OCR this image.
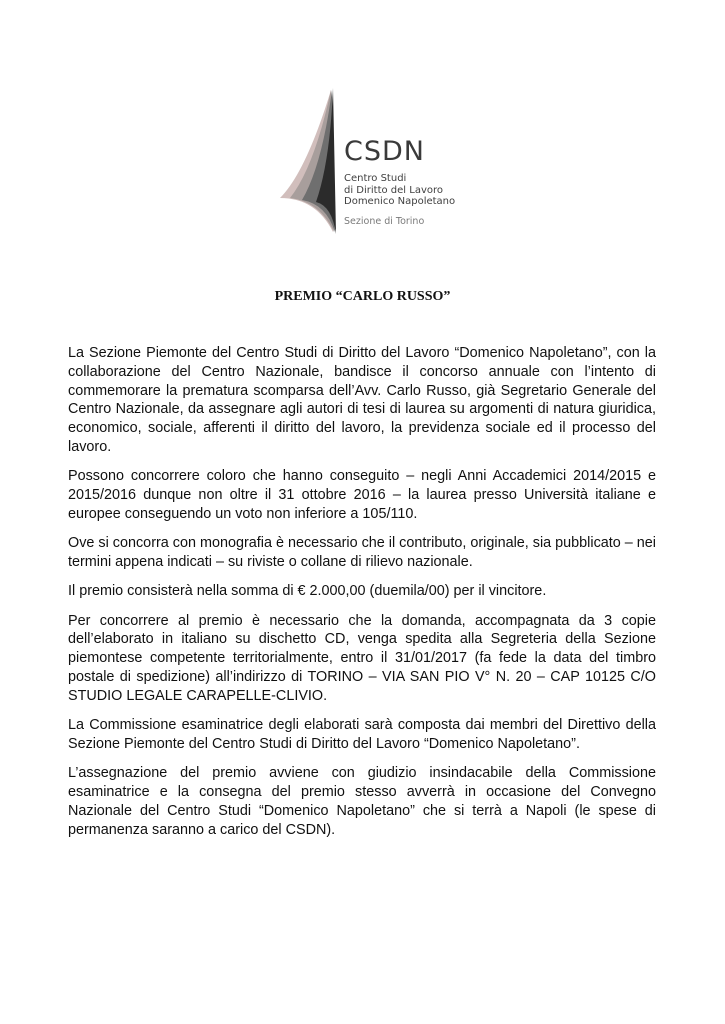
CSDN
Centro Studi
di Diritto del Lavoro
Domenico Napoletano
Sezione di Torino
PREMIO “CARLO RUSSO”

La Sezione Piemonte del Centro Studi di Diritto del Lavoro “Domenico Napoletano”, con la collaborazione del Centro Nazionale, bandisce il concorso annuale con l’intento di commemorare la prematura scomparsa dell’Avv. Carlo Russo, già Segretario Generale del Centro Nazionale, da assegnare agli autori di tesi di laurea su argomenti di natura giuridica, economico, sociale, afferenti il diritto del lavoro, la previdenza sociale ed il processo del lavoro.

Possono concorrere coloro che hanno conseguito – negli Anni Accademici 2014/2015 e 2015/2016 dunque non oltre il 31 ottobre 2016 – la laurea presso Università italiane e europee conseguendo un voto non inferiore a 105/110.

Ove si concorra con monografia è necessario che il contributo, originale, sia pubblicato – nei termini appena indicati – su riviste o collane di rilievo nazionale.

Il premio consisterà nella somma di € 2.000,00 (duemila/00) per il vincitore.

Per concorrere al premio è necessario che la domanda, accompagnata da 3 copie dell’elaborato in italiano su dischetto CD, venga spedita alla Segreteria della Sezione piemontese competente territorialmente, entro il 31/01/2017 (fa fede la data del timbro postale di spedizione) all’indirizzo di TORINO – VIA SAN PIO V° N. 20 – CAP 10125 C/O STUDIO LEGALE CARAPELLE-CLIVIO.

La Commissione esaminatrice degli elaborati sarà composta dai membri del Direttivo della Sezione Piemonte del Centro Studi di Diritto del Lavoro “Domenico Napoletano”.

L’assegnazione del premio avviene con giudizio insindacabile della Commissione esaminatrice e la consegna del premio stesso avverrà in occasione del Convegno Nazionale del Centro Studi “Domenico Napoletano” che si terrà a Napoli (le spese di permanenza saranno a carico del CSDN).
